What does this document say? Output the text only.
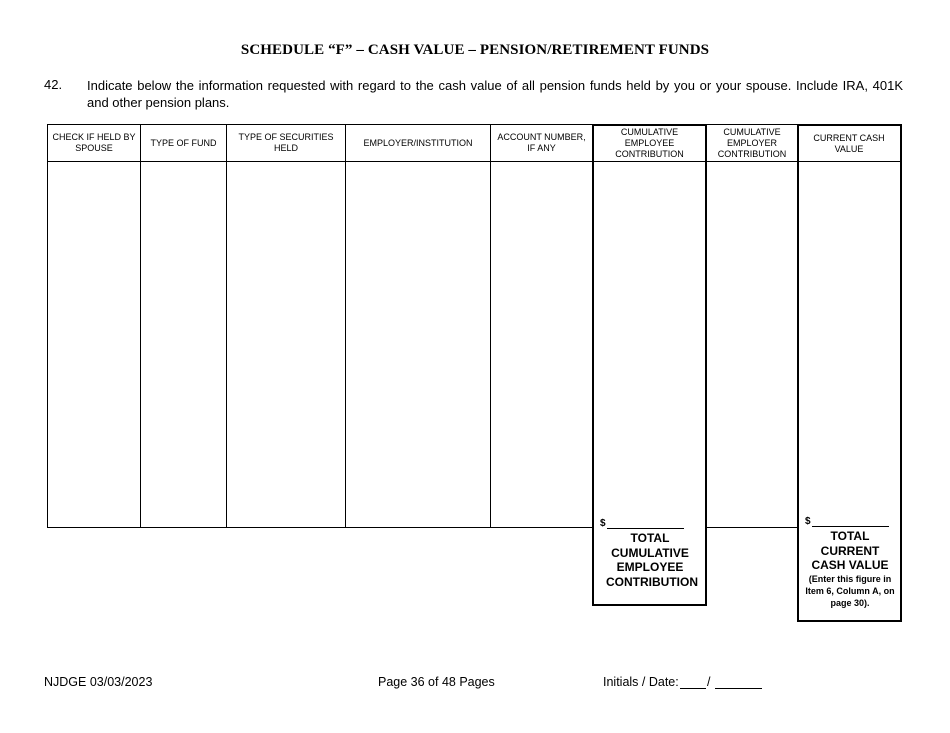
SCHEDULE “F” – CASH VALUE – PENSION/RETIREMENT FUNDS
42. Indicate below the information requested with regard to the cash value of all pension funds held by you or your spouse. Include IRA, 401K and other pension plans.
CHECK IF HELD BY SPOUSE
TYPE OF FUND
TYPE OF SECURITIES HELD
EMPLOYER/INSTITUTION
ACCOUNT NUMBER, IF ANY
CUMULATIVE EMPLOYEE CONTRIBUTION
CUMULATIVE EMPLOYER CONTRIBUTION
CURRENT CASH VALUE
$
TOTAL CUMULATIVE EMPLOYEE CONTRIBUTION
$
TOTAL CURRENT CASH VALUE
(Enter this figure in Item 6, Column A, on page 30).
NJDGE 03/03/2023	Page 36 of 48 Pages	Initials / Date: /
